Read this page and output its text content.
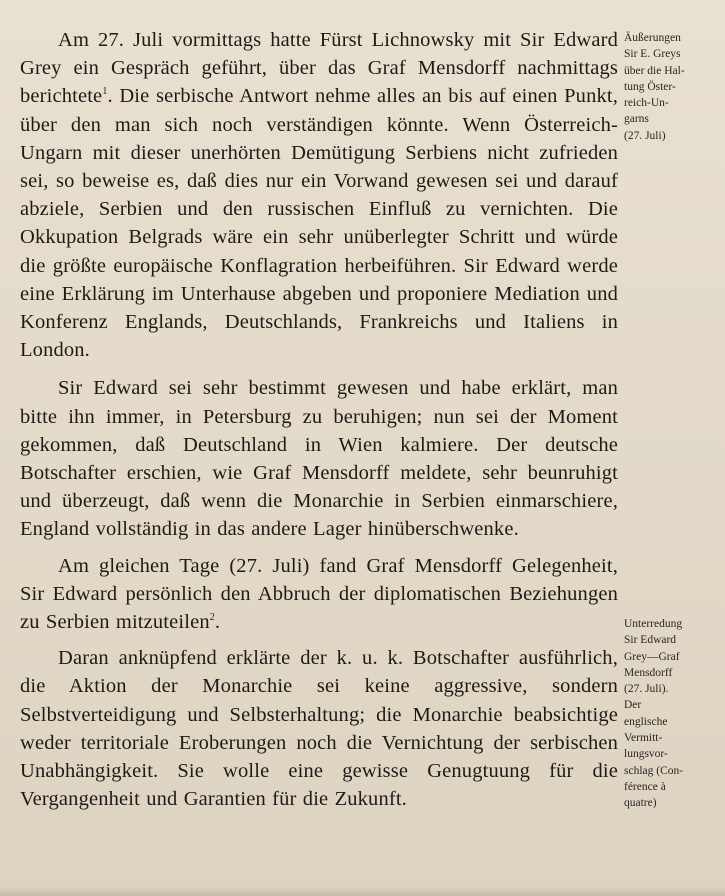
Am 27. Juli vormittags hatte Fürst Lichnowsky mit Sir Edward Grey ein Gespräch geführt, über das Graf Mensdorff nachmittags berichtete$^1$. Die serbische Antwort nehme alles an bis auf einen Punkt, über den man sich noch verständigen könnte. Wenn Österreich-Ungarn mit dieser unerhörten Demütigung Serbiens nicht zufrieden sei, so beweise es, daß dies nur ein Vorwand gewesen sei und darauf abziele, Serbien und den russischen Einfluß zu vernichten. Die Okkupation Belgrads wäre ein sehr unüberlegter Schritt und würde die größte europäische Konflagration herbeiführen. Sir Edward werde eine Erklärung im Unterhause abgeben und proponiere Mediation und Konferenz Englands, Deutschlands, Frankreichs und Italiens in London.

Sir Edward sei sehr bestimmt gewesen und habe erklärt, man bitte ihn immer, in Petersburg zu beruhigen; nun sei der Moment gekommen, daß Deutschland in Wien kalmiere. Der deutsche Botschafter erschien, wie Graf Mensdorff meldete, sehr beunruhigt und überzeugt, daß wenn die Monarchie in Serbien einmarschiere, England vollständig in das andere Lager hinüberschwenke.

Am gleichen Tage (27. Juli) fand Graf Mensdorff Gelegenheit, Sir Edward persönlich den Abbruch der diplomatischen Beziehungen zu Serbien mitzuteilen$^2$.

Daran anknüpfend erklärte der k. u. k. Botschafter ausführlich, die Aktion der Monarchie sei keine aggressive, sondern Selbstverteidigung und Selbsterhaltung; die Monarchie beabsichtige weder territoriale Eroberungen noch die Vernichtung der serbischen Unabhängigkeit. Sie wolle eine gewisse Genugtuung für die Vergangenheit und Garantien für die Zukunft.

Äußerungen
Sir E. Greys
über die Hal-
tung Öster-
reich-Un-
garns
(27. Juli)
Unterredung
Sir Edward
Grey—Graf
Mensdorff
(27. Juli).
Der
englische
Vermitt-
lungsvor-
schlag (Con-
férence à
quatre)
